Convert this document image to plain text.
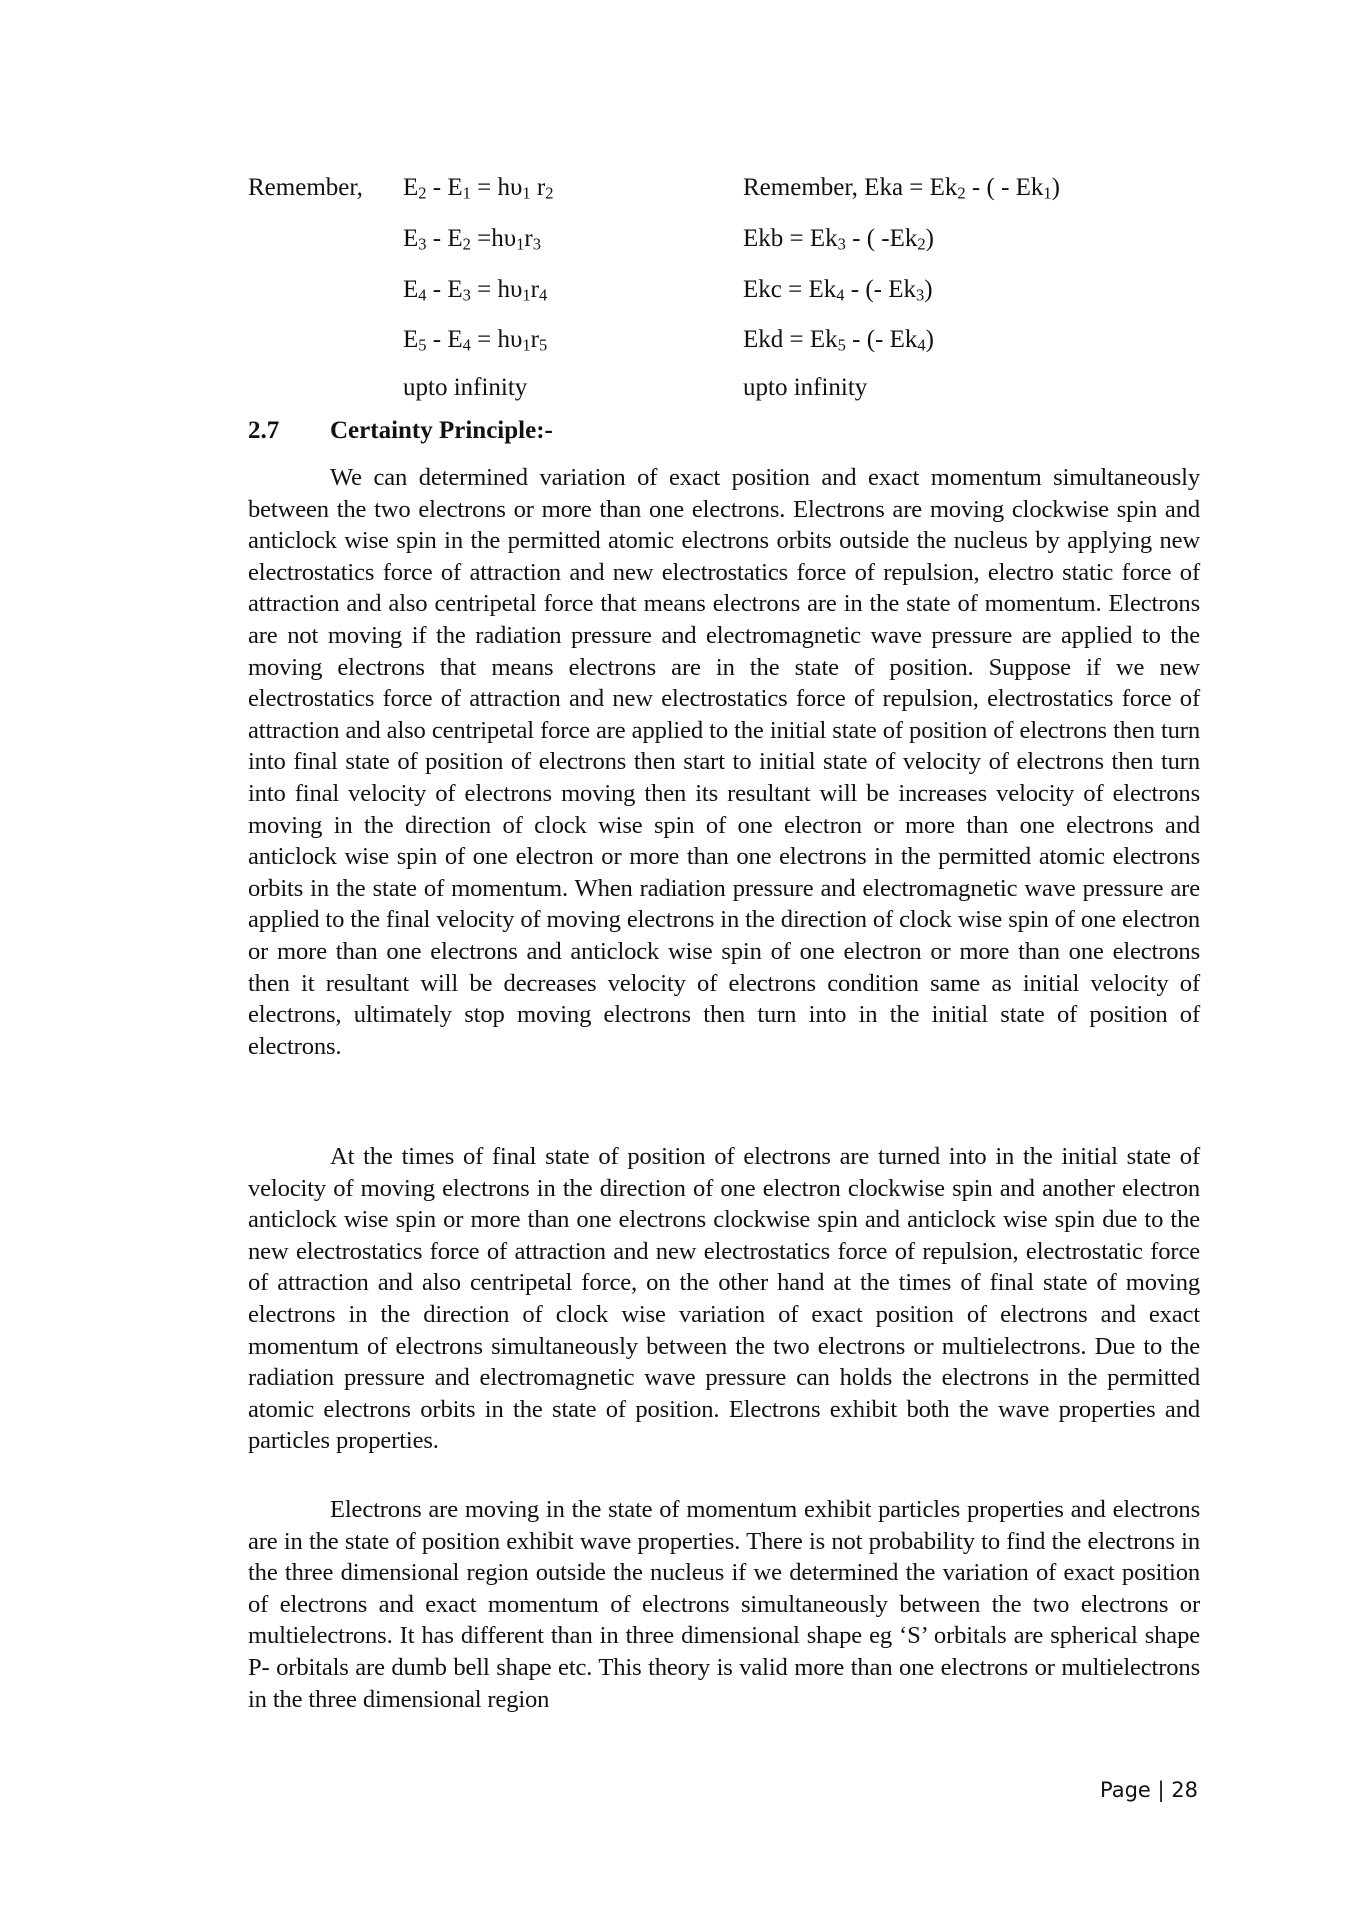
Remember, $E_2 - E_1 = h\upsilon_1$ $r_2$
$E_3 - E_2 =h\upsilon_1r_3$
$E_4 - E_3 = h\upsilon_1r_4$
$E_5 - E_4 = h\upsilon_1r_5$
upto infinity
Remember, Eka = $Ek_2$ - ( - $Ek_1$)
Ekb = $Ek_3$ - ( $-Ek_2$)
Ekc = $Ek_4$ - (- $Ek_3$)
Ekd = $Ek_5$ - (- $Ek_4$)
upto infinity
2.7 Certainty Principle:-

We can determined variation of exact position and exact momentum simultaneously between the two electrons or more than one electrons. Electrons are moving clockwise spin and anticlock wise spin in the permitted atomic electrons orbits outside the nucleus by applying new electrostatics force of attraction and new electrostatics force of repulsion, electro static force of attraction and also centripetal force that means electrons are in the state of momentum. Electrons are not moving if the radiation pressure and electromagnetic wave pressure are applied to the moving electrons that means electrons are in the state of position. Suppose if we new electrostatics force of attraction and new electrostatics force of repulsion, electrostatics force of attraction and also centripetal force are applied to the initial state of position of electrons then turn into final state of position of electrons then start to initial state of velocity of electrons then turn into final velocity of electrons moving then its resultant will be increases velocity of electrons moving in the direction of clock wise spin of one electron or more than one electrons and anticlock wise spin of one electron or more than one electrons in the permitted atomic electrons orbits in the state of momentum. When radiation pressure and electromagnetic wave pressure are applied to the final velocity of moving electrons in the direction of clock wise spin of one electron or more than one electrons and anticlock wise spin of one electron or more than one electrons then it resultant will be decreases velocity of electrons condition same as initial velocity of electrons, ultimately stop moving electrons then turn into in the initial state of position of electrons.

At the times of final state of position of electrons are turned into in the initial state of velocity of moving electrons in the direction of one electron clockwise spin and another electron anticlock wise spin or more than one electrons clockwise spin and anticlock wise spin due to the new electrostatics force of attraction and new electrostatics force of repulsion, electrostatic force of attraction and also centripetal force, on the other hand at the times of final state of moving electrons in the direction of clock wise variation of exact position of electrons and exact momentum of electrons simultaneously between the two electrons or multielectrons. Due to the radiation pressure and electromagnetic wave pressure can holds the electrons in the permitted atomic electrons orbits in the state of position. Electrons exhibit both the wave properties and particles properties.

Electrons are moving in the state of momentum exhibit particles properties and electrons are in the state of position exhibit wave properties. There is not probability to find the electrons in the three dimensional region outside the nucleus if we determined the variation of exact position of electrons and exact momentum of electrons simultaneously between the two electrons or multielectrons. It has different than in three dimensional shape eg ‘S’ orbitals are spherical shape P- orbitals are dumb bell shape etc. This theory is valid more than one electrons or multielectrons in the three dimensional region

Page | 28
